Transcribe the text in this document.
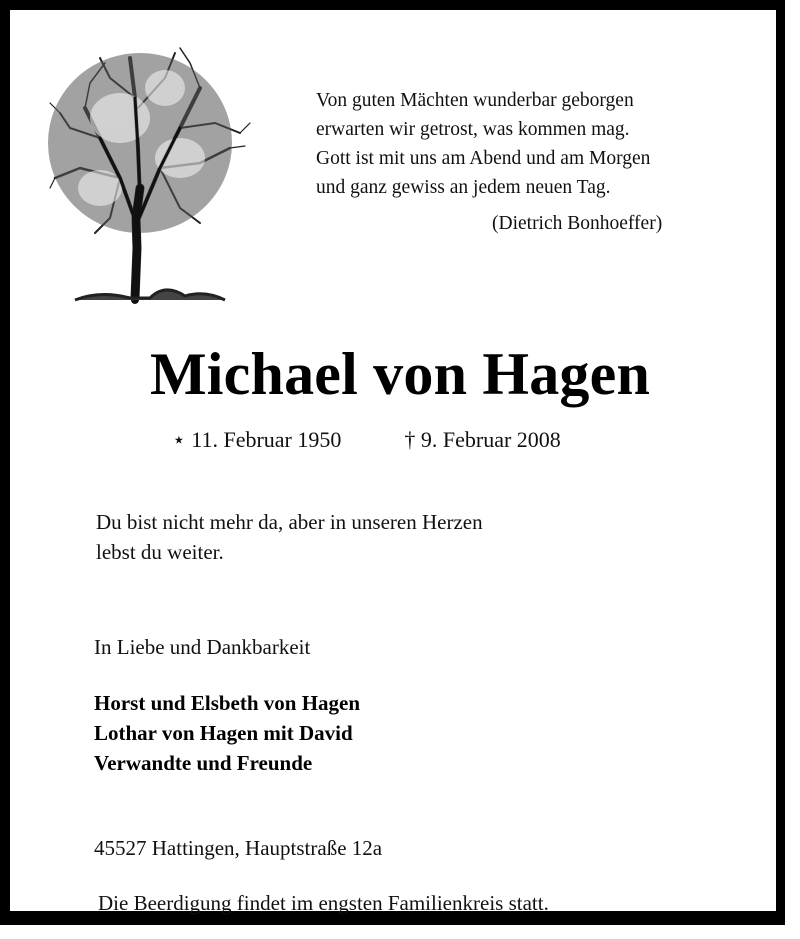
Von guten Mächten wunderbar geborgen
erwarten wir getrost, was kommen mag.
Gott ist mit uns am Abend und am Morgen
und ganz gewiss an jedem neuen Tag.
(Dietrich Bonhoeffer)
Michael von Hagen
⋆ 11. Februar 1950	† 9. Februar 2008
Du bist nicht mehr da, aber in unseren Herzen
lebst du weiter.
In Liebe und Dankbarkeit
Horst und Elsbeth von Hagen
Lothar von Hagen mit David
Verwandte und Freunde
45527 Hattingen, Hauptstraße 12a
Die Beerdigung findet im engsten Familienkreis statt.
